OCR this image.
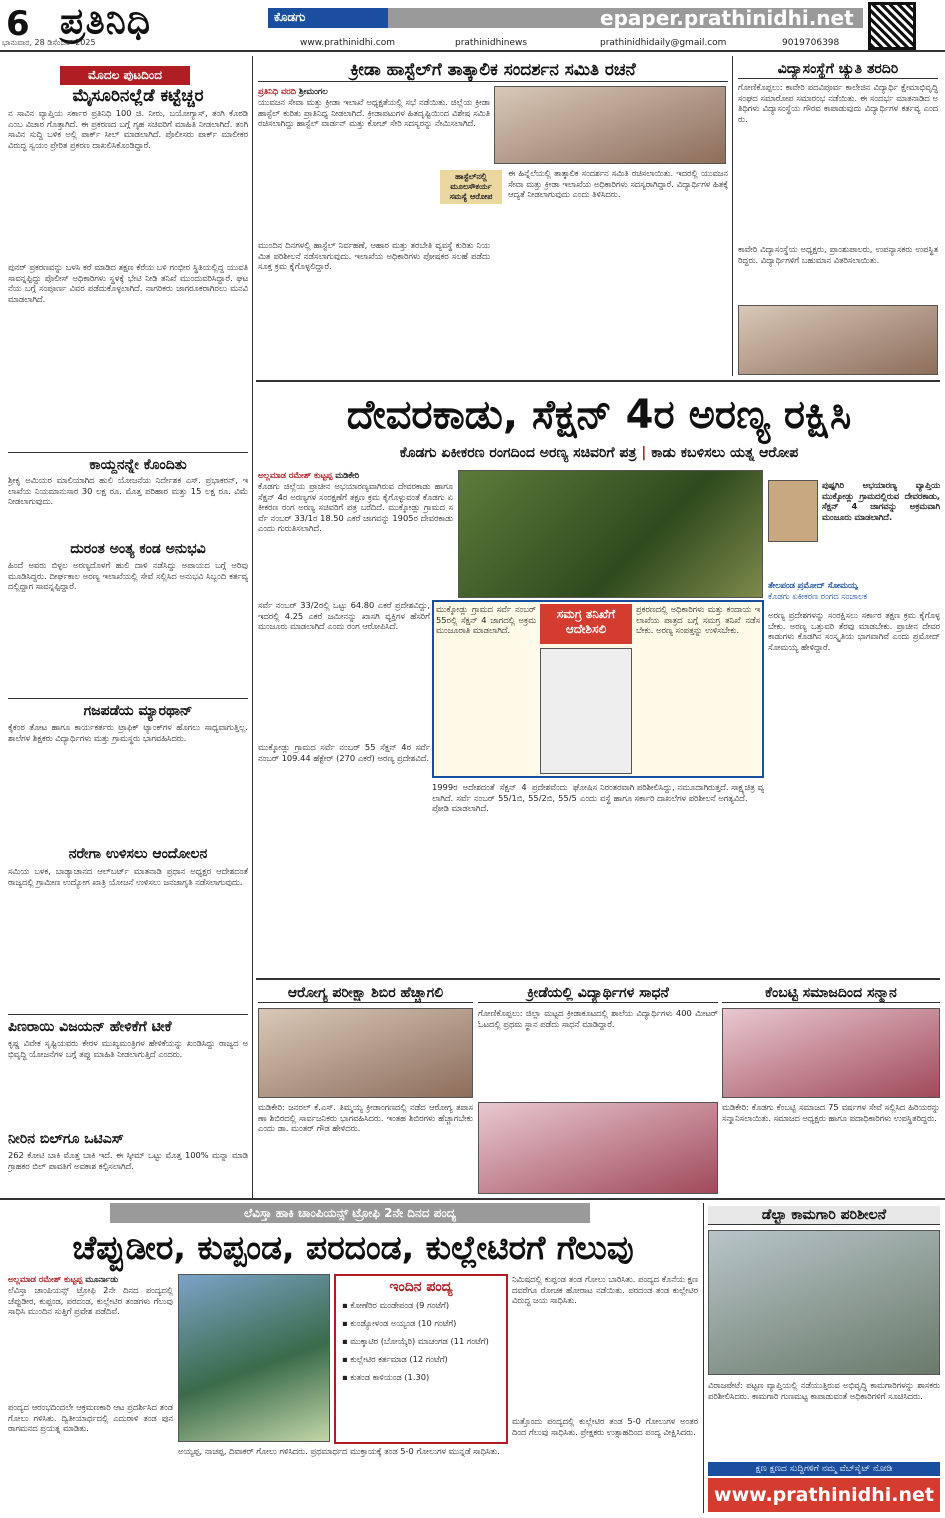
6 ಪ್ರತಿನಿಧಿ
ಭಾನುವಾರ, 28 ಡಿಸೆಂಬರ್ 2025
ಕೊಡಗು	epaper.prathinidhi.net
www.prathinidhi.com	prathinidhinews	prathinidhidaily@gmail.com	9019706398
ಮೊದಲ ಪುಟದಿಂದ
ಮೈಸೂರಿನಲ್ಲೆಡೆ ಕಟ್ಟೆಚ್ಚರ
ನ ಸಾವಿನ ವ್ಯಾಪ್ತಿಯ ಸರ್ಕಾರ ಪ್ರತಿನಿಧಿ 100 ಜಿ. ನೀರು, ಬಯೋಗ್ಯಾಸ್, ತಂಗಿ ಕೊಠಡಿ ಎಂಬ ವಿಚಾರ ಗೊತ್ತಾಗಿದೆ. ಈ ಪ್ರಕರಣದ ಬಗ್ಗೆ ಗೃಹ ಸಚಿವರಿಗೆ ಮಾಹಿತಿ ನೀಡಲಾಗಿದೆ. ತಂಗಿ ಸಾವಿನ ಸುದ್ದಿ ಬಳಿಕ ಅಲ್ಲಿ ಪಾರ್ಕ್ ಸೀಲ್ ಮಾಡಲಾಗಿದೆ. ಪೊಲೀಸರು ಪಾರ್ಕ್ ಮಾಲೀಕರ ವಿರುದ್ಧ ಸ್ವಯಂ ಪ್ರೇರಿತ ಪ್ರಕರಣ ದಾಖಲಿಸಿಕೊಂಡಿದ್ದಾರೆ.
ಪುನರ್ ಪ್ರಕರಣವನ್ನು ಬಳಸಿ ಕರೆ ಮಾಡಿದ ತಕ್ಷಣ ಕೆರೆಯ ಬಳಿ ಗಂಭೀರ ಸ್ಥಿತಿಯಲ್ಲಿದ್ದ ಯುವತಿ ಸಾವನ್ನಪ್ಪಿದ್ದು ಪೊಲೀಸ್ ಅಧಿಕಾರಿಗಳು ಸ್ಥಳಕ್ಕೆ ಭೇಟಿ ನೀಡಿ ತನಿಖೆ ಮುಂದುವರಿಸಿದ್ದಾರೆ. ಘಟನೆಯ ಬಗ್ಗೆ ಸಂಪೂರ್ಣ ವಿವರ ಪಡೆದುಕೊಳ್ಳಲಾಗಿದೆ. ನಾಗರಿಕರು ಜಾಗರೂಕರಾಗಿರಲು ಮನವಿ ಮಾಡಲಾಗಿದೆ.
ಕಾಯ್ದನನ್ನೇ ಕೊಂದಿತು
ಶ್ರೀಕೃ ಅಮಿಯರ ಮಾಲಿಯಾಗಿದ ಹುಲಿ ಯೋಜನೆಯ ನಿರ್ದೇಶಕ ಎಸ್. ಪ್ರಭಾಕರನ್, ಇಲಾಖೆಯ ನಿಯಮಾನುಸಾರ 30 ಲಕ್ಷ ರೂ. ಮೊತ್ತ ಪರಿಹಾರ ಮತ್ತು 15 ಲಕ್ಷ ರೂ. ವಿಮೆ ನೀಡಲಾಗುವುದು.
ದುರಂತ ಅಂತ್ಯ ಕಂಡ ಅನುಭವಿ
ಹಿಂದೆ ಅವರು ಬಿಳ್ಳಲ ಅರಣ್ಯದೊಳಗೆ ಹುಲಿ ದಾಳಿ ನಡೆಸಿದ್ದು ಅಪಾಯದ ಬಗ್ಗೆ ಅರಿವು ಮೂಡಿಸಿದ್ದರು. ದೀರ್ಘಕಾಲ ಅರಣ್ಯ ಇಲಾಖೆಯಲ್ಲಿ ಸೇವೆ ಸಲ್ಲಿಸಿದ ಅನುಭವಿ ಸಿಬ್ಬಂದಿ ಕರ್ತವ್ಯದಲ್ಲಿದ್ದಾಗ ಸಾವನ್ನಪ್ಪಿದ್ದಾರೆ.
ಗಜಪಡೆಯ ಮ್ಯಾರಥಾನ್
ಕೈಕಂಠ ತೋಟ ಹಾಗೂ ಕಾರ್ಯಕರ್ತರು ಟ್ರಾಫಿಕ್ ಟ್ಯಾಂಕ್‌ಗಳ ಹೊಗಲು ಸಾಧ್ಯವಾಗುತ್ತಿಲ್ಲ. ಶಾಲೆಗಳ ಶಿಕ್ಷಕರು ವಿದ್ಯಾರ್ಥಿಗಳು ಮತ್ತು ಗ್ರಾಮಸ್ಥರು ಭಾಗವಹಿಸಿದರು.
ನರೇಗಾ ಉಳಿಸಲು ಆಂದೋಲನ
ಸಮಿಯ ಬಳಕ, ಬಾಡ್ಯಾಚಾನದ ಆಲ್‌ಬರ್ಟ್ ಮಾತನಾಡಿ ಪ್ರಧಾನ ಅಧ್ಯಕ್ಷರ ಆದೇಶದಂತೆ ರಾಜ್ಯದಲ್ಲಿ ಗ್ರಾಮೀಣ ಉದ್ಯೋಗ ಖಾತ್ರಿ ಯೋಜನೆ ಉಳಿಸಲು ಜನಜಾಗೃತಿ ನಡೆಸಲಾಗುವುದು.
ಪಿಣರಾಯಿ ವಿಜಯನ್ ಹೇಳಿಕೆಗೆ ಟೀಕೆ
ಕೃಷ್ಣ ವಿವೇಕ ಸೃಷ್ಟಿಯವರು ಕೇರಳ ಮುಖ್ಯಮಂತ್ರಿಗಳ ಹೇಳಿಕೆಯನ್ನು ಖಂಡಿಸಿದ್ದು ರಾಜ್ಯದ ಅಭಿವೃದ್ಧಿ ಯೋಜನೆಗಳ ಬಗ್ಗೆ ತಪ್ಪು ಮಾಹಿತಿ ನೀಡಲಾಗುತ್ತಿದೆ ಎಂದರು.
ನೀರಿನ ಬಿಲ್‌ಗೂ ಒಟಿಎಸ್
262 ಕೋಟಿ ಬಾಕಿ ಮೊತ್ತ ಬಾಕಿ ಇದೆ. ಈ ಸ್ಕೀಮ್ ಒಟ್ಟು ಮೊತ್ತ 100% ಮನ್ನಾ ಮಾಡಿ ಗ್ರಾಹಕರ ಬಿಲ್ ಪಾವತಿಗೆ ಅವಕಾಶ ಕಲ್ಪಿಸಲಾಗಿದೆ.
ಕ್ರೀಡಾ ಹಾಸ್ಟೆಲ್‌ಗೆ ತಾತ್ಕಾಲಿಕ ಸಂದರ್ಶನ ಸಮಿತಿ ರಚನೆ
ಪ್ರತಿನಿಧಿ ವರದಿ ಶ್ರೀಮಂಗಲ
ಯುವಜನ ಸೇವಾ ಮತ್ತು ಕ್ರೀಡಾ ಇಲಾಖೆ ಅಧ್ಯಕ್ಷತೆಯಲ್ಲಿ ಸಭೆ ನಡೆಯಿತು. ಜಿಲ್ಲೆಯ ಕ್ರೀಡಾ ಹಾಸ್ಟೆಲ್ ಕುರಿತು ಪ್ರಾತಿನಿಧ್ಯ ನೀಡಲಾಗಿದೆ. ಕ್ರೀಡಾಪಟುಗಳ ಹಿತದೃಷ್ಟಿಯಿಂದ ವಿಶೇಷ ಸಮಿತಿ ರಚಿಸಲಾಗಿದ್ದು ಹಾಸ್ಟೆಲ್ ವಾರ್ಡನ್ ಮತ್ತು ಕೋಚ್ ಸೇರಿ ಸದಸ್ಯರನ್ನು ನೇಮಿಸಲಾಗಿದೆ.
ಮುಂದಿನ ದಿನಗಳಲ್ಲಿ ಹಾಸ್ಟೆಲ್ ನಿರ್ವಹಣೆ, ಆಹಾರ ಮತ್ತು ತರಬೇತಿ ವ್ಯವಸ್ಥೆ ಕುರಿತು ನಿಯಮಿತ ಪರಿಶೀಲನೆ ನಡೆಸಲಾಗುವುದು. ಇಲಾಖೆಯ ಅಧಿಕಾರಿಗಳು ಪೋಷಕರ ಸಲಹೆ ಪಡೆದು ಸೂಕ್ತ ಕ್ರಮ ಕೈಗೊಳ್ಳಲಿದ್ದಾರೆ.
ಹಾಸ್ಟೆಲ್‌ನಲ್ಲಿ ಮೂಲಸೌಕರ್ಯ ಸಮಸ್ಯೆ ಆರೋಪ
ಈ ಹಿನ್ನೆಲೆಯಲ್ಲಿ ತಾತ್ಕಾಲಿಕ ಸಂದರ್ಶನ ಸಮಿತಿ ರಚಿಸಲಾಯಿತು. ಇದರಲ್ಲಿ ಯುವಜನ ಸೇವಾ ಮತ್ತು ಕ್ರೀಡಾ ಇಲಾಖೆಯ ಅಧಿಕಾರಿಗಳು ಸದಸ್ಯರಾಗಿದ್ದಾರೆ. ವಿದ್ಯಾರ್ಥಿಗಳ ಹಿತಕ್ಕೆ ಆದ್ಯತೆ ನೀಡಲಾಗುವುದು ಎಂದು ತಿಳಿಸಿದರು.
ವಿದ್ಯಾಸಂಸ್ಥೆಗೆ ಚ್ಯುತಿ ತರದಿರಿ
ಗೋಣಿಕೊಪ್ಪಲು: ಕಾವೇರಿ ಪದವಿಪೂರ್ವ ಕಾಲೇಜಿನ ವಿದ್ಯಾರ್ಥಿ ಕ್ಷೇಮಾಭಿವೃದ್ಧಿ ಸಂಘದ ಸಮಾರೋಪ ಸಮಾರಂಭ ನಡೆಯಿತು. ಈ ಸಂದರ್ಭ ಮಾತನಾಡಿದ ಅತಿಥಿಗಳು ವಿದ್ಯಾಸಂಸ್ಥೆಯ ಗೌರವ ಕಾಪಾಡುವುದು ವಿದ್ಯಾರ್ಥಿಗಳ ಕರ್ತವ್ಯ ಎಂದರು.
ಕಾವೇರಿ ವಿದ್ಯಾಸಂಸ್ಥೆಯ ಅಧ್ಯಕ್ಷರು, ಪ್ರಾಂಶುಪಾಲರು, ಉಪನ್ಯಾಸಕರು ಉಪಸ್ಥಿತರಿದ್ದರು. ವಿದ್ಯಾರ್ಥಿಗಳಿಗೆ ಬಹುಮಾನ ವಿತರಿಸಲಾಯಿತು.
ದೇವರಕಾಡು, ಸೆಕ್ಷನ್ 4ರ ಅರಣ್ಯ ರಕ್ಷಿಸಿ
ಕೊಡಗು ಏಕೀಕರಣ ರಂಗದಿಂದ ಅರಣ್ಯ ಸಚಿವರಿಗೆ ಪತ್ರ | ಕಾಡು ಕಬಳಿಸಲು ಯತ್ನ ಆರೋಪ
ಅಲ್ಲಮಾಡ ರಮೇಶ್ ಕುಟ್ಟಪ್ಪ ಮಡಿಕೇರಿ
ಕೊಡಗು ಜಿಲ್ಲೆಯ ಪ್ರಾಚೀನ ಅಭಯಾರಣ್ಯವಾಗಿರುವ ದೇವರಕಾಡು ಹಾಗೂ ಸೆಕ್ಷನ್ 4ರ ಅರಣ್ಯಗಳ ಸಂರಕ್ಷಣೆಗೆ ತಕ್ಷಣ ಕ್ರಮ ಕೈಗೊಳ್ಳುವಂತೆ ಕೊಡಗು ಏಕೀಕರಣ ರಂಗ ಅರಣ್ಯ ಸಚಿವರಿಗೆ ಪತ್ರ ಬರೆದಿದೆ. ಮುಕ್ಕೋಡ್ಲು ಗ್ರಾಮದ ಸರ್ವೆ ನಂಬರ್ 33/1ರ 18.50 ಎಕರೆ ಜಾಗವನ್ನು 1905ರ ದೇವರಕಾಡು ಎಂದು ಗುರುತಿಸಲಾಗಿದೆ.
ಸರ್ವೆ ನಂಬರ್ 33/2ರಲ್ಲಿ ಒಟ್ಟು 64.80 ಎಕರೆ ಪ್ರದೇಶವಿದ್ದು, ಇದರಲ್ಲಿ 4.25 ಎಕರೆ ಜಮೀನನ್ನು ಖಾಸಗಿ ವ್ಯಕ್ತಿಗಳ ಹೆಸರಿಗೆ ಮಂಜೂರು ಮಾಡಲಾಗಿದೆ ಎಂದು ರಂಗ ಆರೋಪಿಸಿದೆ.
ಮುಕ್ಕೋಡ್ಲು ಗ್ರಾಮದ ಸರ್ವೆ ನಂಬರ್ 55 ಸೆಕ್ಷನ್ 4ರ ಸರ್ವೆ ನಂಬರ್ 109.44 ಹೆಕ್ಟೇರ್ (270 ಎಕರೆ) ಅರಣ್ಯ ಪ್ರದೇಶವಿದೆ.
ಮುಕ್ಕೋಡ್ಲು ಗ್ರಾಮದ ಸರ್ವೆ ನಂಬರ್ 55ರಲ್ಲಿ ಸೆಕ್ಷನ್ 4 ಜಾಗದಲ್ಲಿ ಅಕ್ರಮ ಮಂಜೂರಾತಿ ಮಾಡಲಾಗಿದೆ.
ಸಮಗ್ರ ತನಿಖೆಗೆ ಆದೇಶಿಸಲಿ
ಪ್ರಕರಣದಲ್ಲಿ ಅಧಿಕಾರಿಗಳು ಮತ್ತು ಕಂದಾಯ ಇಲಾಖೆಯ ಪಾತ್ರದ ಬಗ್ಗೆ ಸಮಗ್ರ ತನಿಖೆ ನಡೆಸಬೇಕು. ಅರಣ್ಯ ಸಂಪತ್ತನ್ನು ಉಳಿಸಬೇಕು.
1999ರ ಅದೇಶದಂತೆ ಸೆಕ್ಷನ್ 4 ಪ್ರದೇಶವೆಂದು ಘೋಷಿಸಲಾಗಿದೆ. ಸರ್ವೆ ನಂಬರ್ 55/1ಬಿ, 55/2ಬಿ, 55/5 ಎಂದು ಪೋಡಿ ಮಾಡಲಾಗಿದೆ.
ನಿರಂತರವಾಗಿ ಪರಿಶೀಲಿಸಿದ್ದು, ನಮೂದಾಗಿರುತ್ತದೆ. ಸಾಕ್ಷ್ಯಚಿತ್ರ ವ್ಯವಸ್ಥೆ ಹಾಗೂ ಸರ್ಕಾರಿ ದಾಖಲೆಗಳ ಪರಿಶೀಲನೆ ಅಗತ್ಯವಿದೆ.
ಪುಷ್ಪಗಿರಿ ಅಭಯಾರಣ್ಯ ವ್ಯಾಪ್ತಿಯ ಮುಕ್ಕೋಡ್ಲು ಗ್ರಾಮದಲ್ಲಿರುವ ದೇವರಕಾಡು, ಸೆಕ್ಷನ್ 4 ಜಾಗವನ್ನು ಅಕ್ರಮವಾಗಿ ಮಂಜೂರು ಮಾಡಲಾಗಿದೆ.
ತೇಲಪಂಡ ಪ್ರಮೋದ್ ಸೋಮಯ್ಯ
ಕೊಡಗು ಏಕೀಕರಣ ರಂಗದ ಸಂಚಾಲಕ
ಅರಣ್ಯ ಪ್ರದೇಶಗಳನ್ನು ಸಂರಕ್ಷಿಸಲು ಸರ್ಕಾರ ತಕ್ಷಣ ಕ್ರಮ ಕೈಗೊಳ್ಳಬೇಕು. ಅರಣ್ಯ ಒತ್ತುವರಿ ತೆರವು ಮಾಡಬೇಕು. ಪ್ರಾಚೀನ ದೇವರಕಾಡುಗಳು ಕೊಡಗಿನ ಸಂಸ್ಕೃತಿಯ ಭಾಗವಾಗಿವೆ ಎಂದು ಪ್ರಮೋದ್ ಸೋಮಯ್ಯ ಹೇಳಿದ್ದಾರೆ.
ಆರೋಗ್ಯ ಪರೀಕ್ಷಾ ಶಿಬಿರ ಹೆಚ್ಚಾಗಲಿ
ಮಡಿಕೇರಿ: ಜನರಲ್ ಕೆ.ಎಸ್. ತಿಮ್ಮಯ್ಯ ಕ್ರೀಡಾಂಗಣದಲ್ಲಿ ನಡೆದ ಆರೋಗ್ಯ ತಪಾಸಣಾ ಶಿಬಿರದಲ್ಲಿ ಸಾರ್ವಜನಿಕರು ಭಾಗವಹಿಸಿದರು. ಇಂತಹ ಶಿಬಿರಗಳು ಹೆಚ್ಚಾಗಬೇಕು ಎಂದು ಡಾ. ಮಂತರ್ ಗೌಡ ಹೇಳಿದರು.
ಕ್ರೀಡೆಯಲ್ಲಿ ವಿದ್ಯಾರ್ಥಿಗಳ ಸಾಧನೆ
ಗೋಣಿಕೊಪ್ಪಲು: ಜಿಲ್ಲಾ ಮಟ್ಟದ ಕ್ರೀಡಾಕೂಟದಲ್ಲಿ ಶಾಲೆಯ ವಿದ್ಯಾರ್ಥಿಗಳು 400 ಮೀಟರ್ ಓಟದಲ್ಲಿ ಪ್ರಥಮ ಸ್ಥಾನ ಪಡೆದು ಸಾಧನೆ ಮಾಡಿದ್ದಾರೆ.
ಕೆಂಬಟ್ಟಿ ಸಮಾಜದಿಂದ ಸನ್ಮಾನ
ಮಡಿಕೇರಿ: ಕೊಡಗು ಕೆಂಬಟ್ಟಿ ಸಮಾಜದ 75 ವರ್ಷಗಳ ಸೇವೆ ಸಲ್ಲಿಸಿದ ಹಿರಿಯರನ್ನು ಸನ್ಮಾನಿಸಲಾಯಿತು. ಸಮಾಜದ ಅಧ್ಯಕ್ಷರು ಹಾಗೂ ಪದಾಧಿಕಾರಿಗಳು ಉಪಸ್ಥಿತರಿದ್ದರು.
ಲೆವಿಸ್ತಾ ಹಾಕಿ ಚಾಂಪಿಯನ್ಸ್ ಟ್ರೋಫಿ 2ನೇ ದಿನದ ಪಂದ್ಯ
ಚೆಪ್ಪುಡೀರ, ಕುಪ್ಪಂಡ, ಪರದಂಡ, ಕುಲ್ಲೇಟಿರಗೆ ಗೆಲುವು
ಅಲ್ಲಮಾಡ ರಮೇಶ್ ಕುಟ್ಟಪ್ಪ ಮೂರ್ನಾಡು
ಲೆವಿಸ್ತಾ ಚಾಂಪಿಯನ್ಸ್ ಟ್ರೋಫಿ 2ನೇ ದಿನದ ಪಂದ್ಯದಲ್ಲಿ ಚೆಪ್ಪುಡೀರ, ಕುಪ್ಪಂಡ, ಪರದಂಡ, ಕುಲ್ಲೇಟಿರ ತಂಡಗಳು ಗೆಲುವು ಸಾಧಿಸಿ ಮುಂದಿನ ಸುತ್ತಿಗೆ ಪ್ರವೇಶ ಪಡೆದಿವೆ.
ಪಂದ್ಯದ ಆರಂಭದಿಂದಲೇ ಆಕ್ರಮಣಕಾರಿ ಆಟ ಪ್ರದರ್ಶಿಸಿದ ತಂಡ ಗೋಲು ಗಳಿಸಿತು. ದ್ವಿತೀಯಾರ್ಧದಲ್ಲಿ ಎದುರಾಳಿ ತಂಡ ಪುನರಾಗಮನದ ಪ್ರಯತ್ನ ಮಾಡಿತು.
ಅಯ್ಯಪ್ಪ, ನಾಚಪ್ಪ, ದಿವಾಕರ್ ಗೋಲು ಗಳಿಸಿದರು. ಪ್ರಥಮಾರ್ಧದ ಮುಕ್ತಾಯಕ್ಕೆ ತಂಡ 5-0 ಗೋಲುಗಳ ಮುನ್ನಡೆ ಸಾಧಿಸಿತು.
ಇಂದಿನ ಪಂದ್ಯ
▪ ಕೋಣೆರಿರ ಮಂಡೇಪಂಡ (9 ಗಂಟೆಗೆ)
▪ ಕುಂಡ್ಯೋಳಂಡ ಅಯ್ಯಂಡ (10 ಗಂಟೆಗೆ)
▪ ಮುಕ್ಕಾಟಿರ (ಬೋಯ್ಕೆರಿ) ಮಾಚಂಗಡ (11 ಗಂಟೆಗೆ)
▪ ಕುಲ್ಲೇಟಿರ ಕರ್ತಮಾಡ (12 ಗಂಟೆಗೆ)
▪ ಕುತಂಡ ಕಾಳಿಯಂಡ (1.30)
ನಿಮಿಷದಲ್ಲಿ ಕುಪ್ಪಂಡ ತಂಡ ಗೋಲು ಬಾರಿಸಿತು. ಪಂದ್ಯದ ಕೊನೆಯ ಕ್ಷಣದವರೆಗೂ ರೋಚಕ ಹೋರಾಟ ನಡೆಯಿತು. ಪರದಂಡ ತಂಡ ಕುಲ್ಲೇಟಿರ ವಿರುದ್ಧ ಜಯ ಸಾಧಿಸಿತು.
ಮತ್ತೊಂದು ಪಂದ್ಯದಲ್ಲಿ ಕುಲ್ಲೇಟಿರ ತಂಡ 5-0 ಗೋಲುಗಳ ಅಂತರದಿಂದ ಗೆಲುವು ಸಾಧಿಸಿತು. ಪ್ರೇಕ್ಷಕರು ಉತ್ಸಾಹದಿಂದ ಪಂದ್ಯ ವೀಕ್ಷಿಸಿದರು.
ಡೆಲ್ಟಾ ಕಾಮಗಾರಿ ಪರಿಶೀಲನೆ
ವಿರಾಜಪೇಟೆ: ಪಟ್ಟಣ ವ್ಯಾಪ್ತಿಯಲ್ಲಿ ನಡೆಯುತ್ತಿರುವ ಅಭಿವೃದ್ಧಿ ಕಾಮಗಾರಿಗಳನ್ನು ಶಾಸಕರು ಪರಿಶೀಲಿಸಿದರು. ಕಾಮಗಾರಿ ಗುಣಮಟ್ಟ ಕಾಪಾಡುವಂತೆ ಅಧಿಕಾರಿಗಳಿಗೆ ಸೂಚಿಸಿದರು.
ಕ್ಷಣ ಕ್ಷಣದ ಸುದ್ದಿಗಳಿಗೆ ನಮ್ಮ ವೆಬ್‌ಸೈಟ್ ನೋಡಿ
www.prathinidhi.net
